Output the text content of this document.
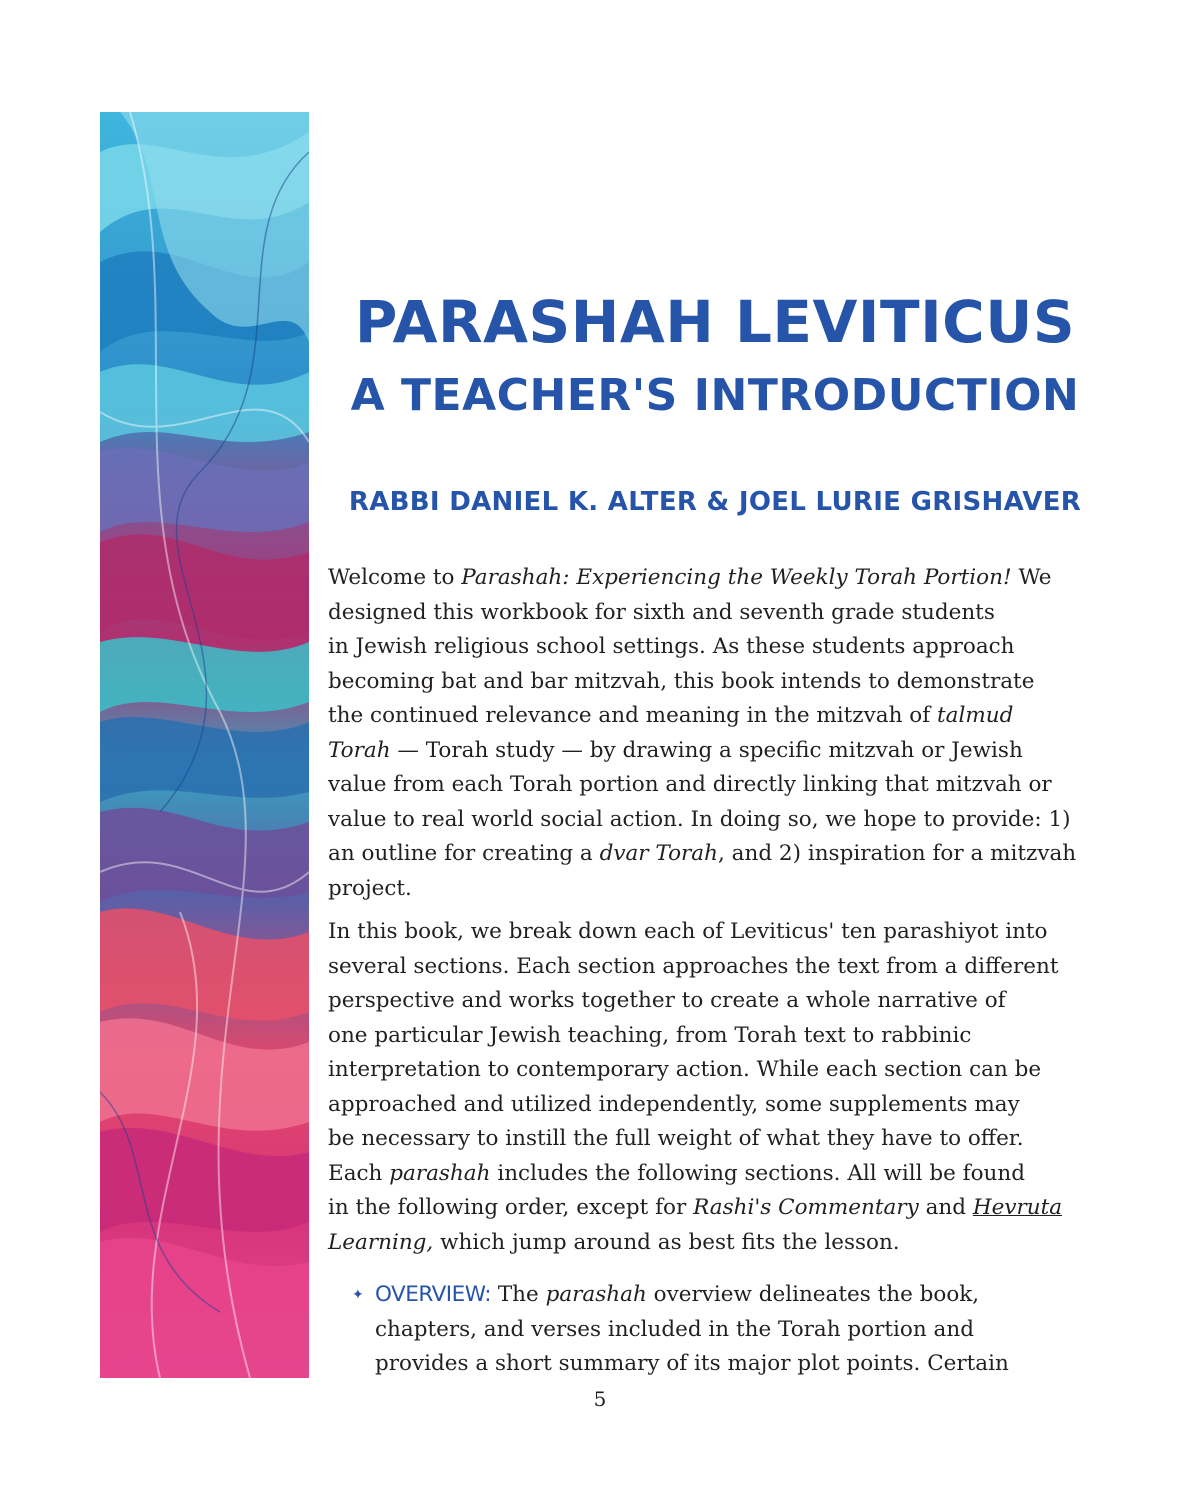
PARASHAH LEVITICUS
A TEACHER'S INTRODUCTION
RABBI DANIEL K. ALTER & JOEL LURIE GRISHAVER

Welcome to Parashah: Experiencing the Weekly Torah Portion! We
designed this workbook for sixth and seventh grade students
in Jewish religious school settings. As these students approach
becoming bat and bar mitzvah, this book intends to demonstrate
the continued relevance and meaning in the mitzvah of talmud
Torah — Torah study — by drawing a specific mitzvah or Jewish
value from each Torah portion and directly linking that mitzvah or
value to real world social action. In doing so, we hope to provide: 1)
an outline for creating a dvar Torah, and 2) inspiration for a mitzvah
project.

In this book, we break down each of Leviticus' ten parashiyot into
several sections. Each section approaches the text from a different
perspective and works together to create a whole narrative of
one particular Jewish teaching, from Torah text to rabbinic
interpretation to contemporary action. While each section can be
approached and utilized independently, some supplements may
be necessary to instill the full weight of what they have to offer.
Each parashah includes the following sections. All will be found
in the following order, except for Rashi's Commentary and Hevruta
Learning, which jump around as best fits the lesson.

✦ OVERVIEW: The parashah overview delineates the book,
chapters, and verses included in the Torah portion and
provides a short summary of its major plot points. Certain
5
